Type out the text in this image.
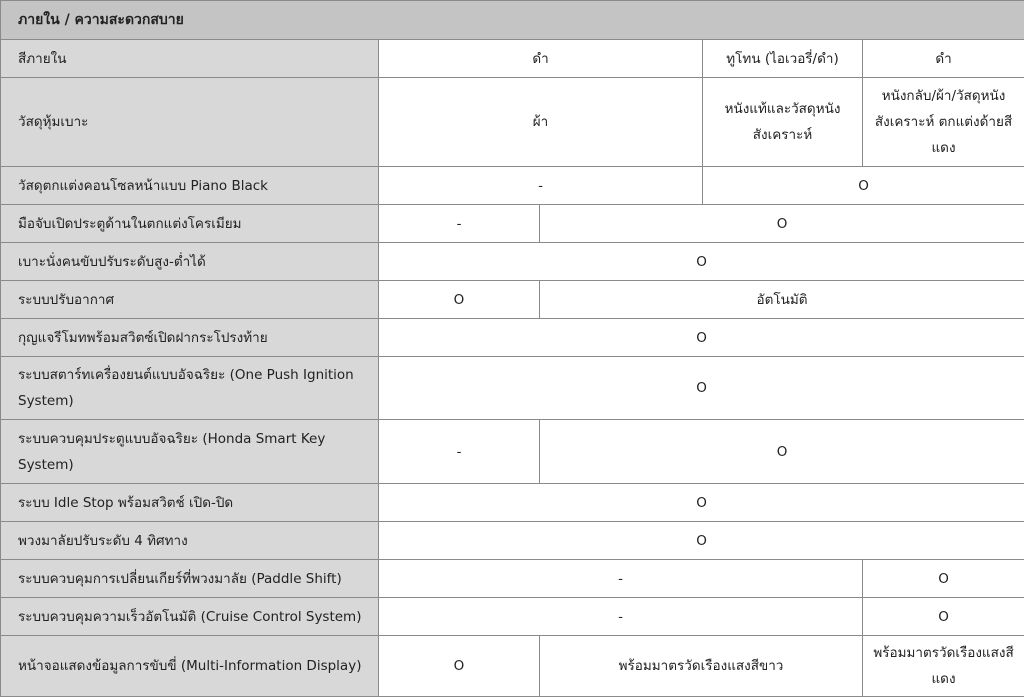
ภายใน / ความสะดวกสบาย				
สีภายใน	ดำ		ทูโทน (ไอเวอรี่/ดำ)	ดำ
วัสดุหุ้มเบาะ	ผ้า		หนังแท้และวัสดุหนังสังเคราะห์	หนังกลับ/ผ้า/วัสดุหนังสังเคราะห์ ตกแต่งด้ายสีแดง
วัสดุตกแต่งคอนโซลหน้าแบบ Piano Black	-		O	
มือจับเปิดประตูด้านในตกแต่งโครเมียม	-	O		
เบาะนั่งคนขับปรับระดับสูง-ต่ำได้	O			
ระบบปรับอากาศ	O	อัตโนมัติ		
กุญแจรีโมทพร้อมสวิตซ์เปิดฝากระโปรงท้าย	O			
ระบบสตาร์ทเครื่องยนต์แบบอัจฉริยะ (One Push Ignition System)	O			
ระบบควบคุมประตูแบบอัจฉริยะ (Honda Smart Key System)	-	O		
ระบบ Idle Stop พร้อมสวิตช์ เปิด-ปิด	O			
พวงมาลัยปรับระดับ 4 ทิศทาง	O			
ระบบควบคุมการเปลี่ยนเกียร์ที่พวงมาลัย (Paddle Shift)	-			O
ระบบควบคุมความเร็วอัตโนมัติ (Cruise Control System)	-			O
หน้าจอแสดงข้อมูลการขับขี่ (Multi-Information Display)	O	พร้อมมาตรวัดเรืองแสงสีขาว		พร้อมมาตรวัดเรืองแสงสีแดง
